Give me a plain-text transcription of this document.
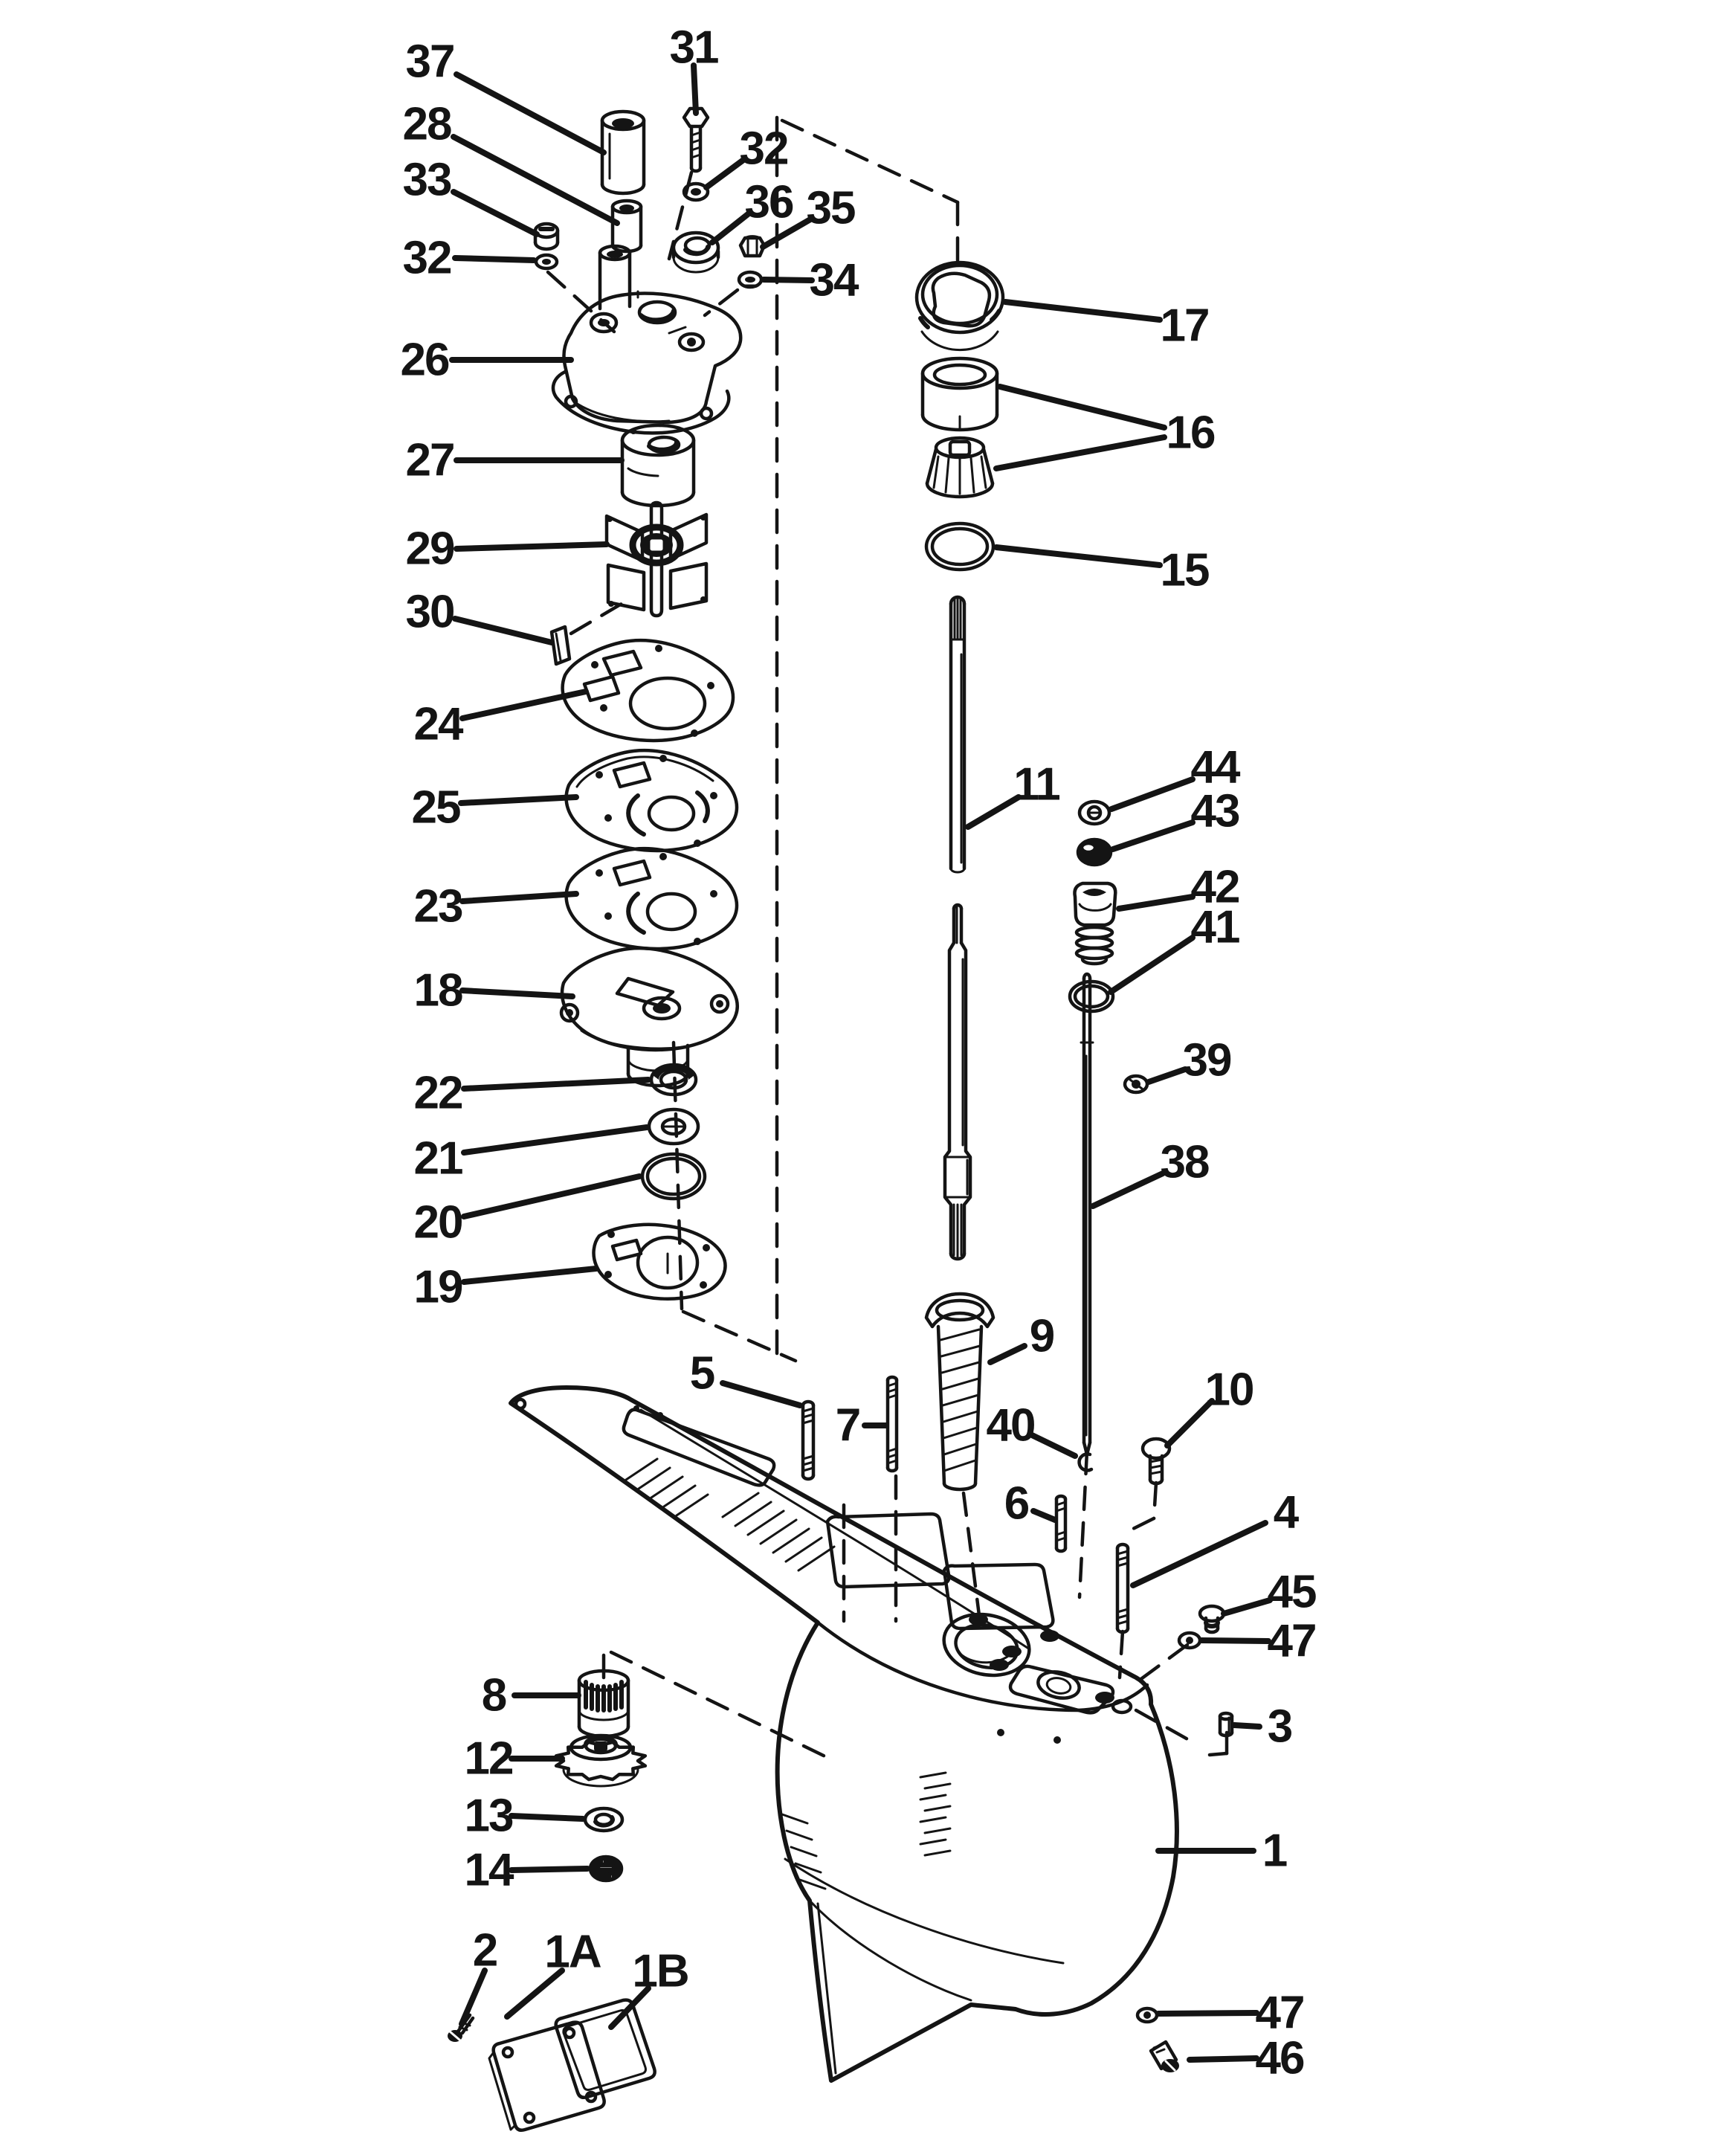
37	31
28
33
32
32
36 35
34
26
27
29
30
24
25
23
18
22
21
20
19
17
16
15
11	44
43
42
41
39
38
9
5
7	40
10
6	4
45
47
3
8
12
13
14
2 1A 1B
1
47
46
